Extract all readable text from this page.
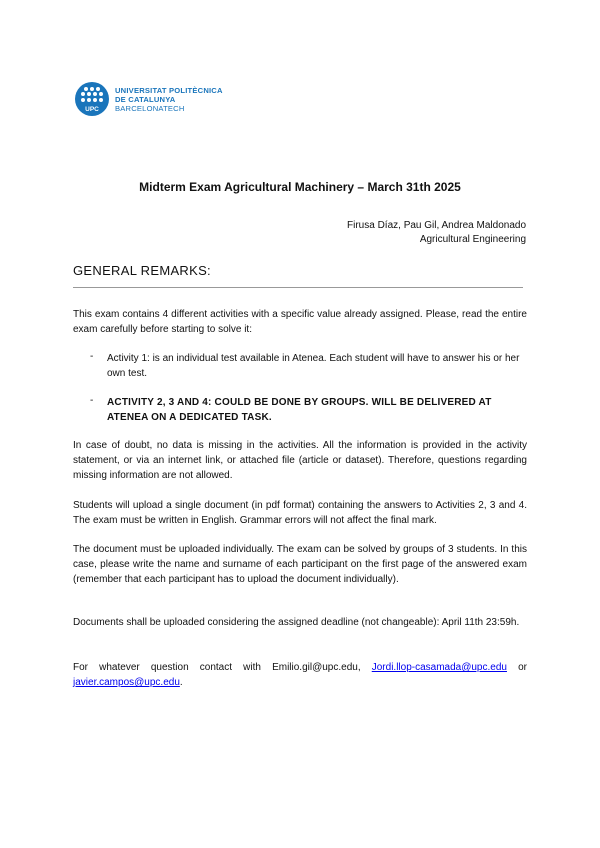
UPC
UNIVERSITAT POLITÈCNICA
DE CATALUNYA
BARCELONATECH
Midterm Exam Agricultural Machinery – March 31th 2025
Firusa Díaz, Pau Gil, Andrea Maldonado
Agricultural Engineering
GENERAL REMARKS:
This exam contains 4 different activities with a specific value already assigned. Please, read the entire exam carefully before starting to solve it:
- Activity 1: is an individual test available in Atenea. Each student will have to answer his or her own test.
- ACTIVITY 2, 3 AND 4: COULD BE DONE BY GROUPS. WILL BE DELIVERED AT ATENEA ON A DEDICATED TASK.
In case of doubt, no data is missing in the activities. All the information is provided in the activity statement, or via an internet link, or attached file (article or dataset). Therefore, questions regarding missing information are not allowed.
Students will upload a single document (in pdf format) containing the answers to Activities 2, 3 and 4. The exam must be written in English. Grammar errors will not affect the final mark.
The document must be uploaded individually. The exam can be solved by groups of 3 students. In this case, please write the name and surname of each participant on the first page of the answered exam (remember that each participant has to upload the document individually).
Documents shall be uploaded considering the assigned deadline (not changeable): April 11th 23:59h.
For whatever question contact with Emilio.gil@upc.edu, Jordi.llop-casamada@upc.edu or javier.campos@upc.edu.
